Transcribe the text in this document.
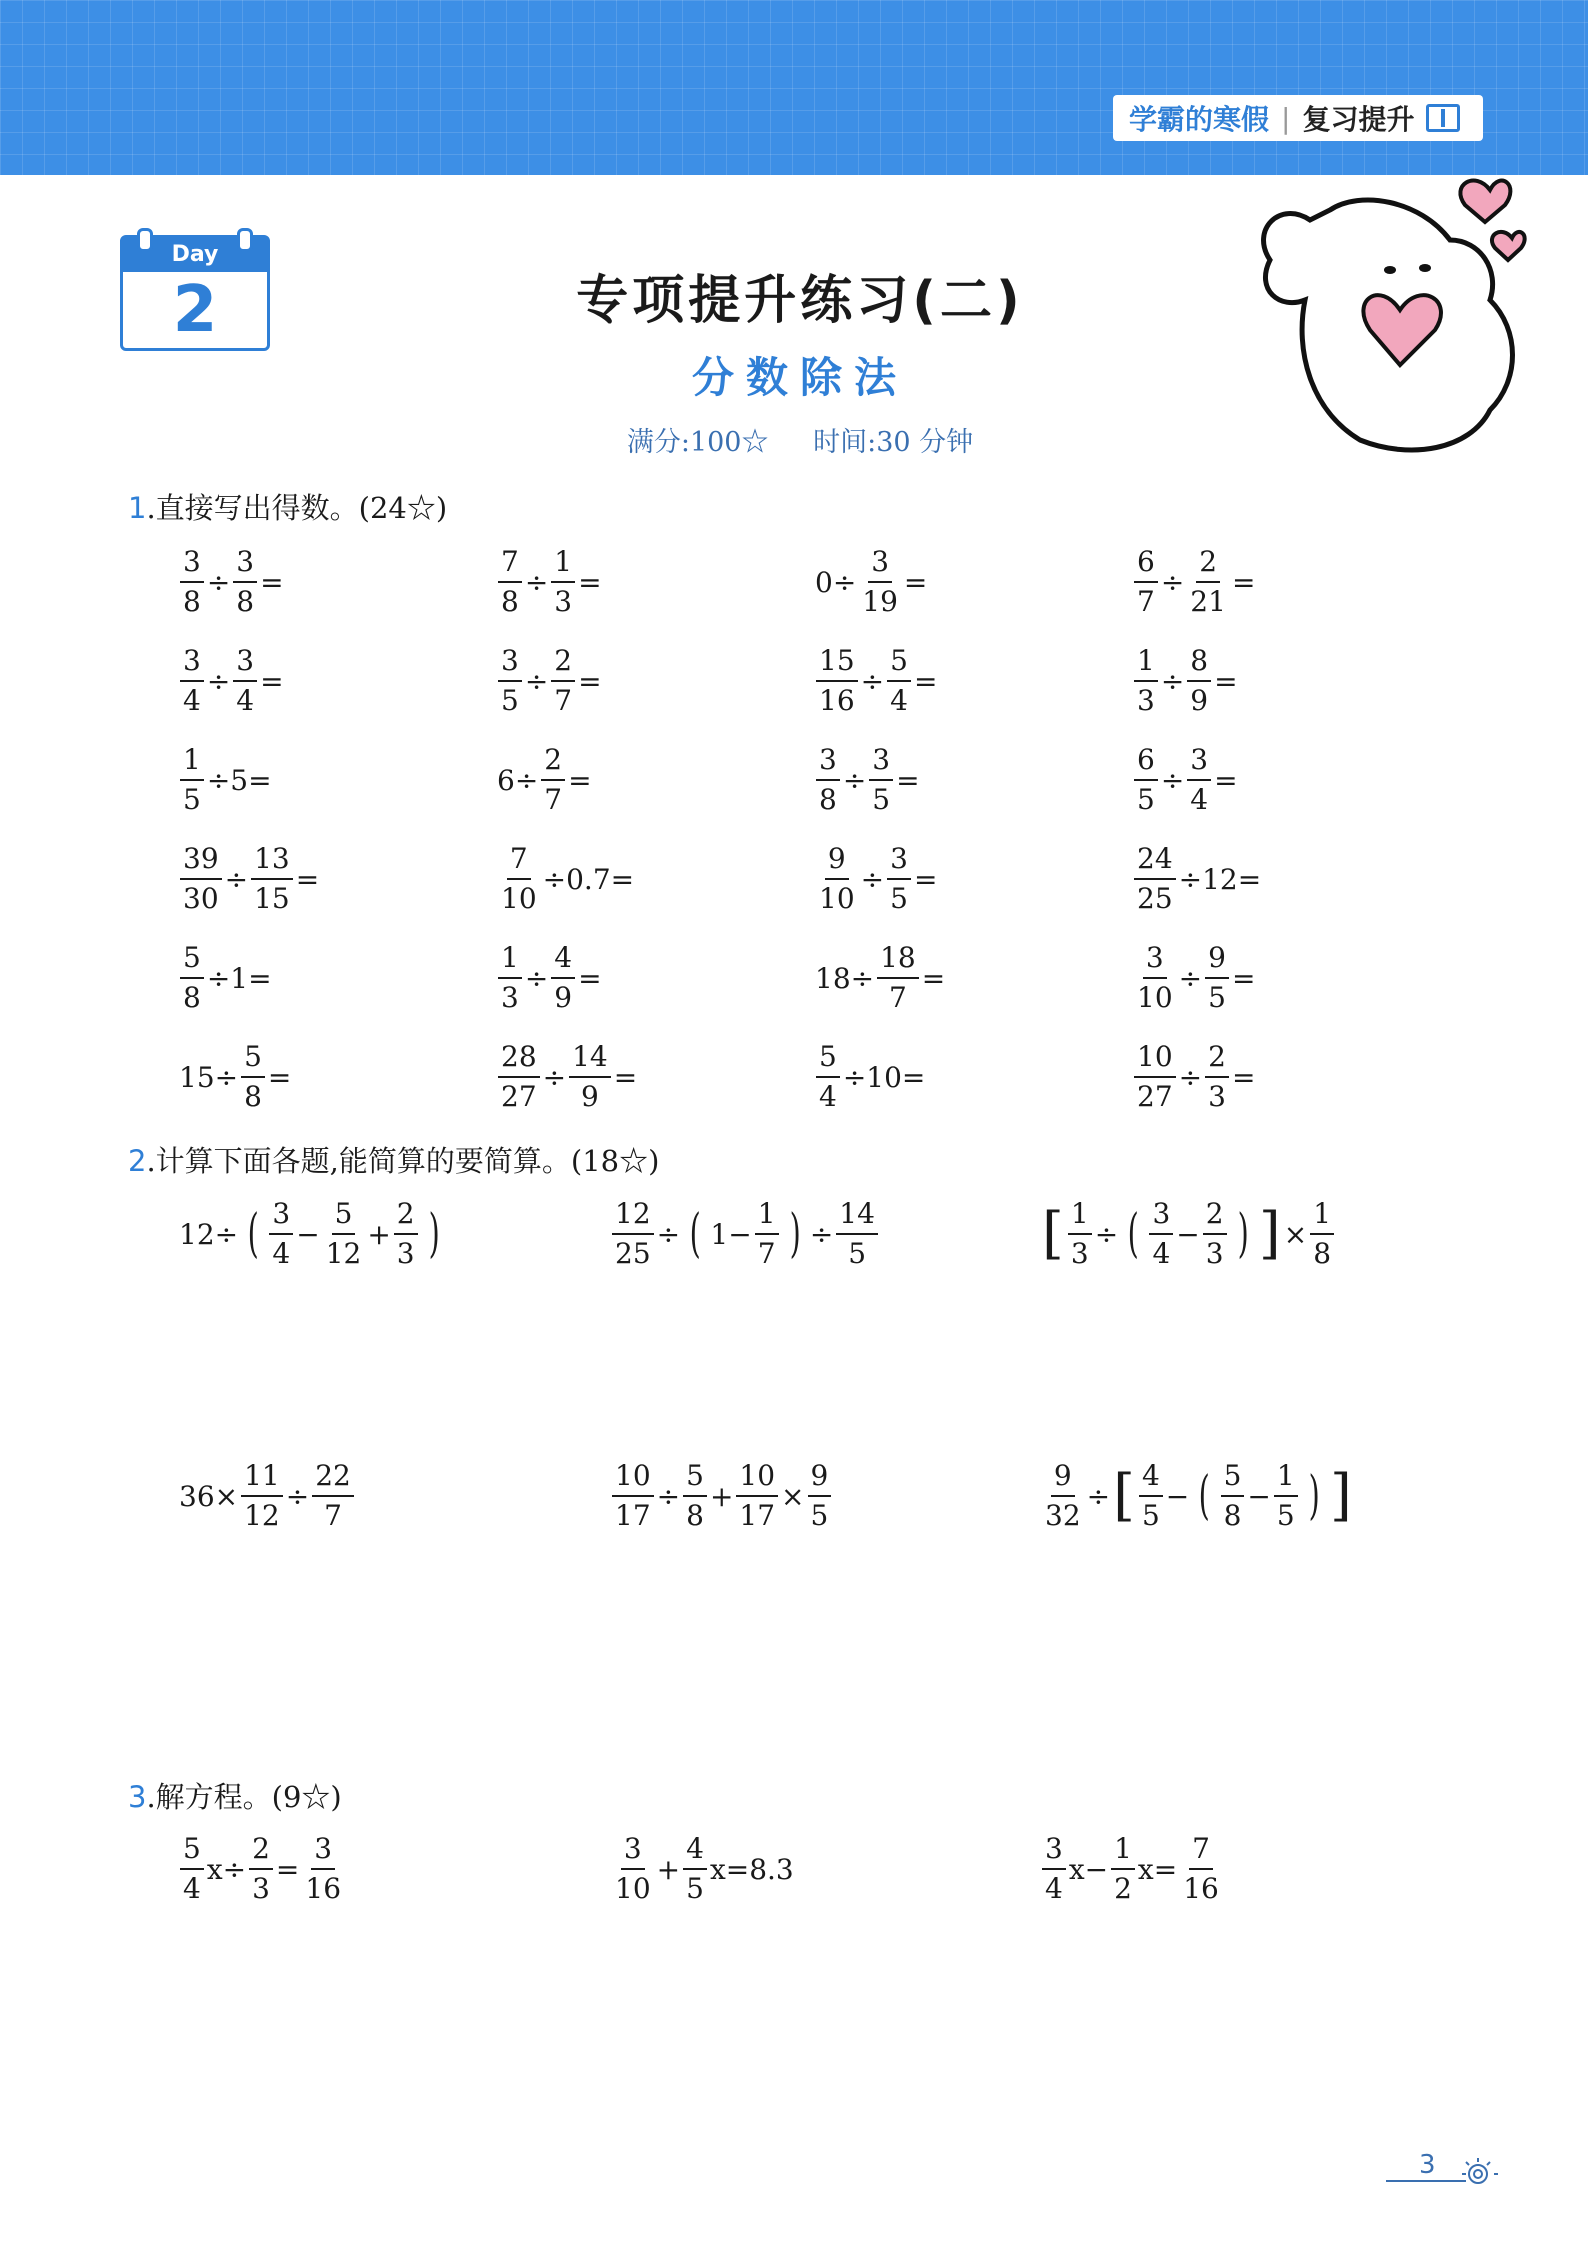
学霸的寒假 | 复习提升
Day
2	专项提升练习(二)
分数除法
满分:100☆ 时间:30 分钟
1.直接写出得数。(24☆)
2.计算下面各题,能简算的要简算。(18☆)
3.解方程。(9☆)
$\frac{3}{8} \div \frac{3}{8}$ =	$\frac{7}{8} \div \frac{1}{3}$ =	$0\div \frac{3}{19}$ =	$\frac{6}{7} \div \frac{2}{21}$ =
$\frac{3}{4} \div \frac{3}{4}$ =	$\frac{3}{5} \div \frac{2}{7}$ =	$\frac{15}{16} \div \frac{5}{4}$ =	$\frac{1}{3} \div \frac{8}{9}$ =
$\frac{1}{5} \div 5=$	$6\div \frac{2}{7}$ =	$\frac{3}{8} \div \frac{3}{5}$ =	$\frac{6}{5} \div \frac{3}{4}$ =
$\frac{39}{30} \div \frac{13}{15}$ =	$\frac{7}{10} \div 0.7=$	$\frac{9}{10} \div \frac{3}{5}$ =	$\frac{24}{25} \div 12=$
$\frac{5}{8} \div 1=$	$\frac{1}{3} \div \frac{4}{9}$ =	$18\div \frac{18}{7}$ =	$\frac{3}{10} \div \frac{9}{5}$ =
$15\div \frac{5}{8}$ =	$\frac{28}{27} \div \frac{14}{9}$ =	$\frac{5}{4} \div 10=$	$\frac{10}{27} \div \frac{2}{3}$ =
12÷ ( $\frac{3}{4} - \frac{5}{12} + \frac{2}{3}$ )	$\frac{12}{25}$ ÷ ( $1- \frac{1}{7}$ ) ÷ $\frac{14}{5}$	[ $\frac{1}{3}$ ÷ ( $\frac{3}{4} - \frac{2}{3}$ ) ] × $\frac{1}{8}$
$36\times \frac{11}{12} \div \frac{22}{7}$	$\frac{10}{17} \div \frac{5}{8} + \frac{10}{17} \times \frac{9}{5}$	$\frac{9}{32}$ ÷ [ $\frac{4}{5}$ − ( $\frac{5}{8} - \frac{1}{5}$ ) ]
$\frac{5}{4} x\div \frac{2}{3} = \frac{3}{16}$	$\frac{3}{10} + \frac{4}{5} x=8.3$	$\frac{3}{4} x- \frac{1}{2} x= \frac{7}{16}$
3
